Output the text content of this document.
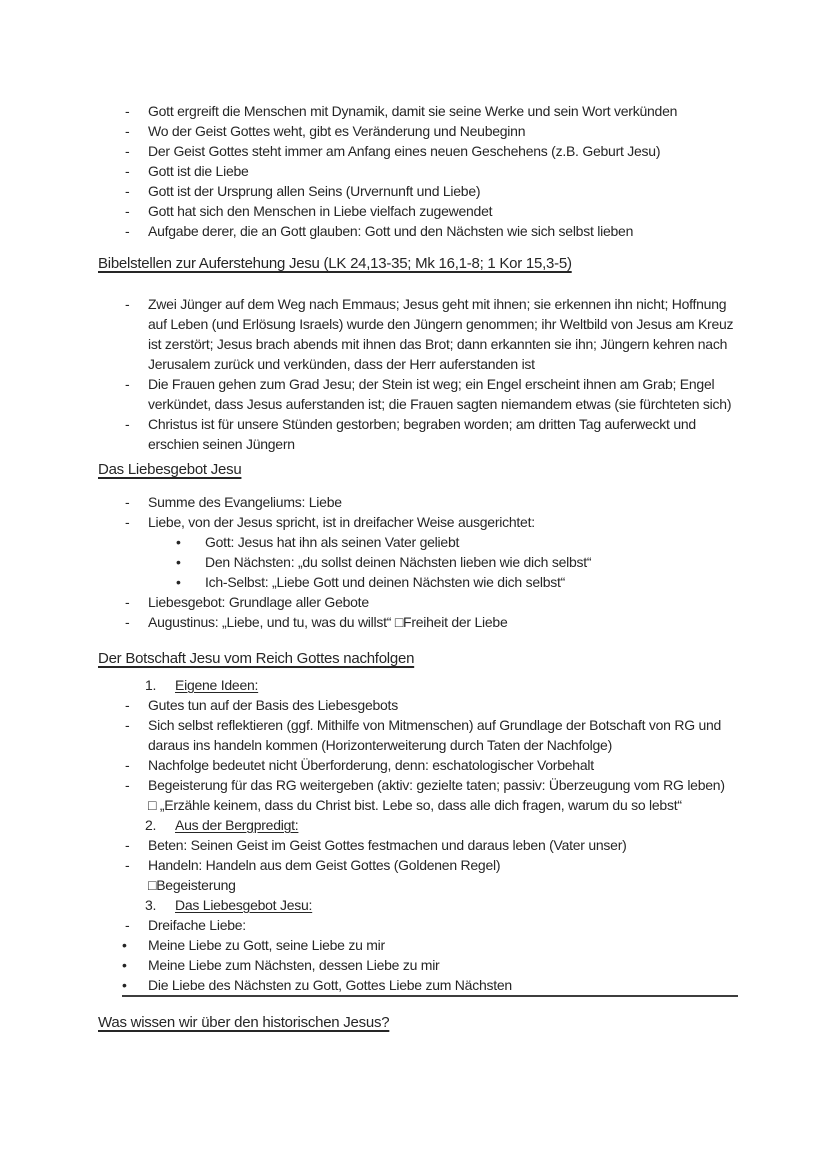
-	Gott ergreift die Menschen mit Dynamik, damit sie seine Werke und sein Wort verkünden
-	Wo der Geist Gottes weht, gibt es Veränderung und Neubeginn
-	Der Geist Gottes steht immer am Anfang eines neuen Geschehens (z.B. Geburt Jesu)
-	Gott ist die Liebe
-	Gott ist der Ursprung allen Seins (Urvernunft und Liebe)
-	Gott hat sich den Menschen in Liebe vielfach zugewendet
-	Aufgabe derer, die an Gott glauben: Gott und den Nächsten wie sich selbst lieben
Bibelstellen zur Auferstehung Jesu (LK 24,13-35; Mk 16,1-8; 1 Kor 15,3-5)
-	Zwei Jünger auf dem Weg nach Emmaus; Jesus geht mit ihnen; sie erkennen ihn nicht; Hoffnung auf Leben (und Erlösung Israels) wurde den Jüngern genommen; ihr Weltbild von Jesus am Kreuz ist zerstört; Jesus brach abends mit ihnen das Brot; dann erkannten sie ihn; Jüngern kehren nach Jerusalem zurück und verkünden, dass der Herr auferstanden ist
-	Die Frauen gehen zum Grad Jesu; der Stein ist weg; ein Engel erscheint ihnen am Grab; Engel verkündet, dass Jesus auferstanden ist; die Frauen sagten niemandem etwas (sie fürchteten sich)
-	Christus ist für unsere Stünden gestorben; begraben worden; am dritten Tag auferweckt und erschien seinen Jüngern
Das Liebesgebot Jesu
-	Summe des Evangeliums: Liebe
-	Liebe, von der Jesus spricht, ist in dreifacher Weise ausgerichtet:
•	Gott: Jesus hat ihn als seinen Vater geliebt
•	Den Nächsten: „du sollst deinen Nächsten lieben wie dich selbst“
•	Ich-Selbst: „Liebe Gott und deinen Nächsten wie dich selbst“
-	Liebesgebot: Grundlage aller Gebote
-	Augustinus: „Liebe, und tu, was du willst“ □Freiheit der Liebe
Der Botschaft Jesu vom Reich Gottes nachfolgen
1.	Eigene Ideen:
-	Gutes tun auf der Basis des Liebesgebots
-	Sich selbst reflektieren (ggf. Mithilfe von Mitmenschen) auf Grundlage der Botschaft von RG und daraus ins handeln kommen (Horizonterweiterung durch Taten der Nachfolge)
-	Nachfolge bedeutet nicht Überforderung, denn: eschatologischer Vorbehalt
-	Begeisterung für das RG weitergeben (aktiv: gezielte taten; passiv: Überzeugung vom RG leben)
□ „Erzähle keinem, dass du Christ bist. Lebe so, dass alle dich fragen, warum du so lebst“
2.	Aus der Bergpredigt:
-	Beten: Seinen Geist im Geist Gottes festmachen und daraus leben (Vater unser)
-	Handeln: Handeln aus dem Geist Gottes (Goldenen Regel)
□Begeisterung
3.	Das Liebesgebot Jesu:
-	Dreifache Liebe:
•	Meine Liebe zu Gott, seine Liebe zu mir
•	Meine Liebe zum Nächsten, dessen Liebe zu mir
•	Die Liebe des Nächsten zu Gott, Gottes Liebe zum Nächsten
Was wissen wir über den historischen Jesus?
